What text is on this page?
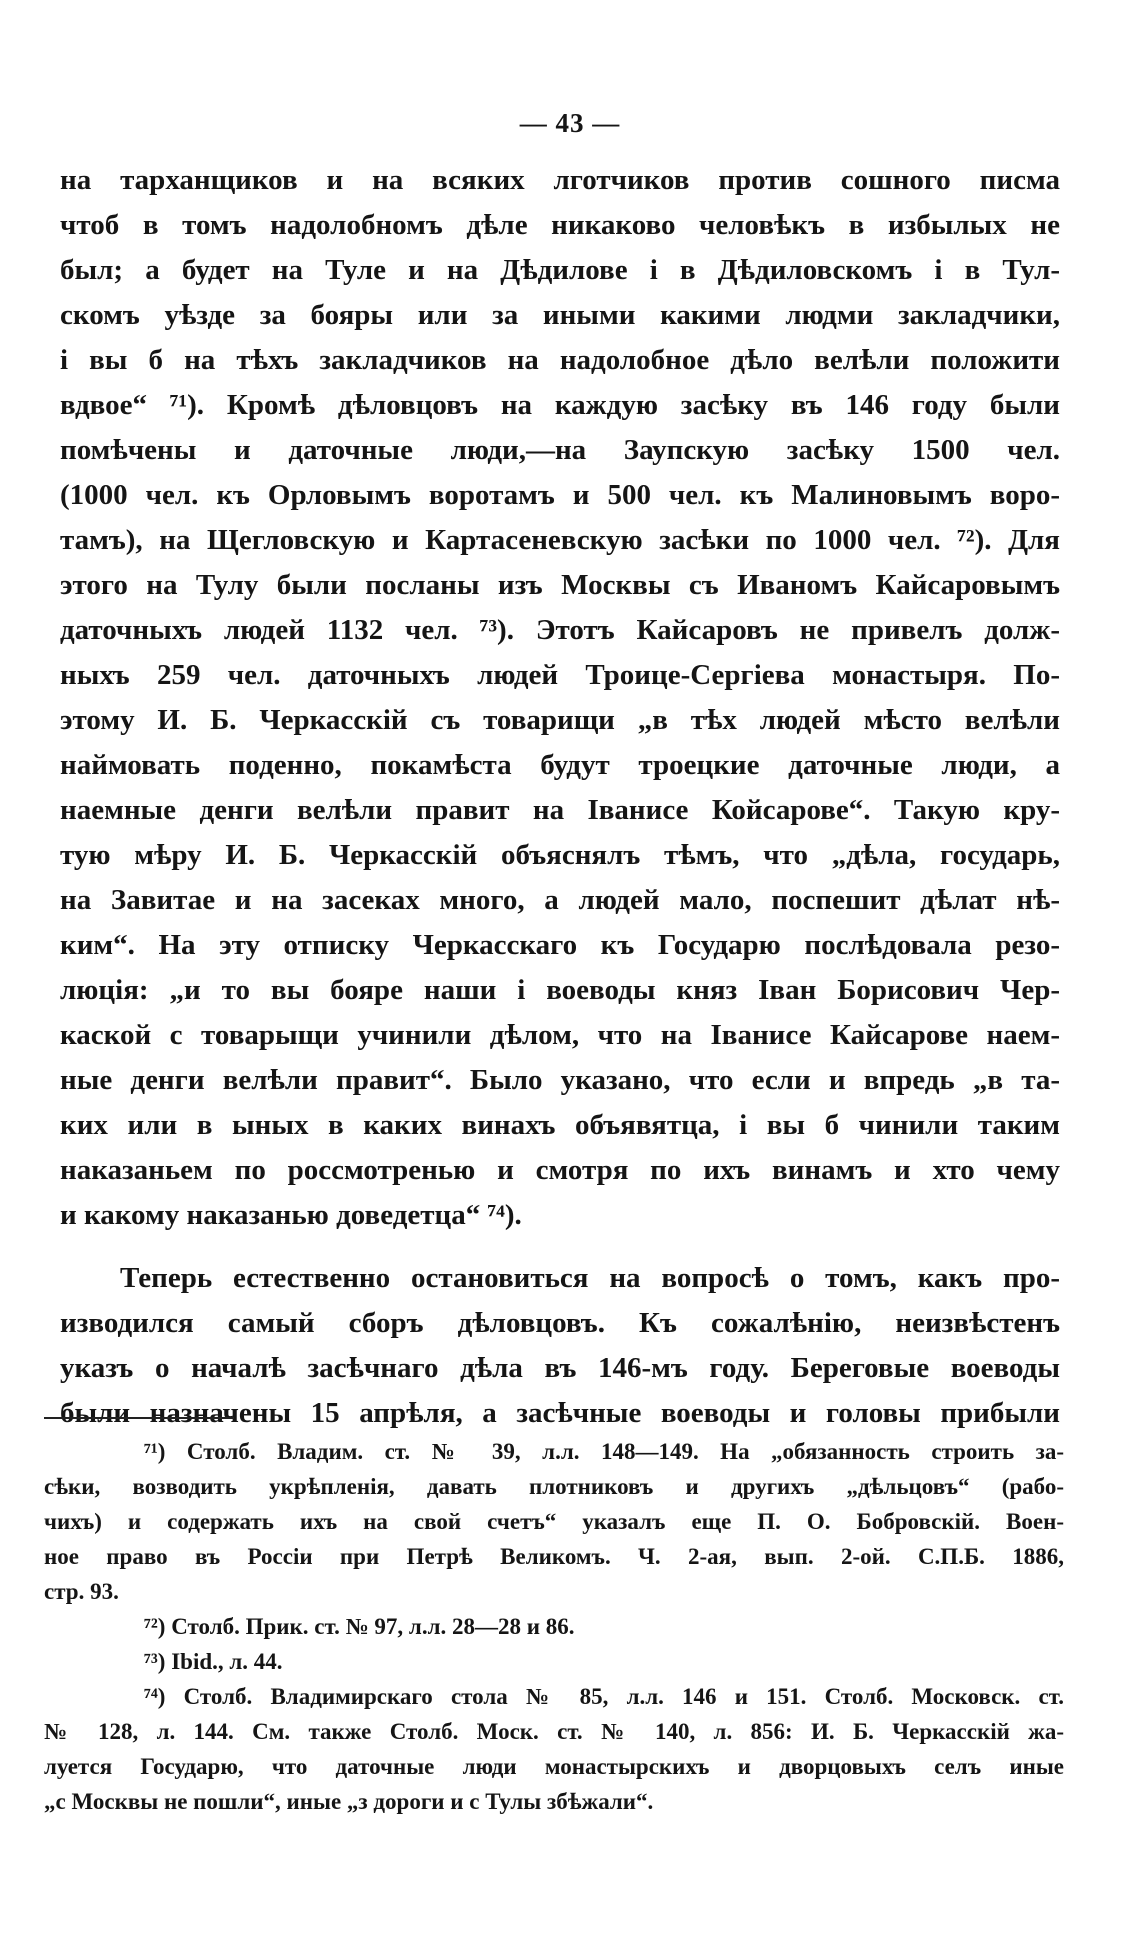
— 43 —
на тарханщиков и на всяких лготчиков против сошного писма
чтоб в томъ надолобномъ дѣле никаково человѣкъ в избылых не
был; а будет на Туле и на Дѣдилове і в Дѣдиловскомъ і в Тул-
скомъ уѣзде за бояры или за иными какими людми закладчики,
і вы б на тѣхъ закладчиков на надолобное дѣло велѣли положити
вдвое“ ⁷¹). Кромѣ дѣловцовъ на каждую засѣку въ 146 году были
помѣчены и даточные люди,—на Заупскую засѣку 1500 чел.
(1000 чел. къ Орловымъ воротамъ и 500 чел. къ Малиновымъ воро-
тамъ), на Щегловскую и Картасеневскую засѣки по 1000 чел. ⁷²). Для
этого на Тулу были посланы изъ Москвы съ Иваномъ Кайсаровымъ
даточныхъ людей 1132 чел. ⁷³). Этотъ Кайсаровъ не привелъ долж-
ныхъ 259 чел. даточныхъ людей Троице-Сергіева монастыря. По-
этому И. Б. Черкасскій съ товарищи „в тѣх людей мѣсто велѣли
наймовать поденно, покамѣста будут троецкие даточные люди, а
наемные денги велѣли правит на Іванисе Койсарове“. Такую кру-
тую мѣру И. Б. Черкасскій объяснялъ тѣмъ, что „дѣла, государь,
на Завитае и на засеках много, а людей мало, поспешит дѣлат нѣ-
ким“. На эту отписку Черкасскаго къ Государю послѣдовала резо-
люція: „и то вы бояре наши і воеводы княз Іван Борисович Чер-
каской с товарыщи учинили дѣлом, что на Іванисе Кайсарове наем-
ные денги велѣли правит“. Было указано, что если и впредь „в та-
ких или в ыных в каких винахъ объявятца, і вы б чинили таким
наказаньем по россмотренью и смотря по ихъ винамъ и хто чему
и какому наказанью доведетца“ ⁷⁴).
Теперь естественно остановиться на вопросѣ о томъ, какъ про-
изводился самый сборъ дѣловцовъ. Къ сожалѣнію, неизвѣстенъ
указъ о началѣ засѣчнаго дѣла въ 146-мъ году. Береговые воеводы
были назначены 15 апрѣля, а засѣчные воеводы и головы прибыли
⁷¹) Столб. Владим. ст. № 39, л.л. 148—149. На „обязанность строить за-
сѣки, возводить укрѣпленія, давать плотниковъ и другихъ „дѣльцовъ“ (рабо-
чихъ) и содержать ихъ на свой счетъ“ указалъ еще П. О. Бобровскій. Воен-
ное право въ Россіи при Петрѣ Великомъ. Ч. 2-ая, вып. 2-ой. С.П.Б. 1886,
стр. 93.
⁷²) Столб. Прик. ст. № 97, л.л. 28—28 и 86.
⁷³) Ibid., л. 44.
⁷⁴) Столб. Владимирскаго стола № 85, л.л. 146 и 151. Столб. Московск. ст.
№ 128, л. 144. См. также Столб. Моск. ст. № 140, л. 856: И. Б. Черкасскій жа-
луется Государю, что даточные люди монастырскихъ и дворцовыхъ селъ иные
„с Москвы не пошли“, иные „з дороги и с Тулы збѣжали“.
